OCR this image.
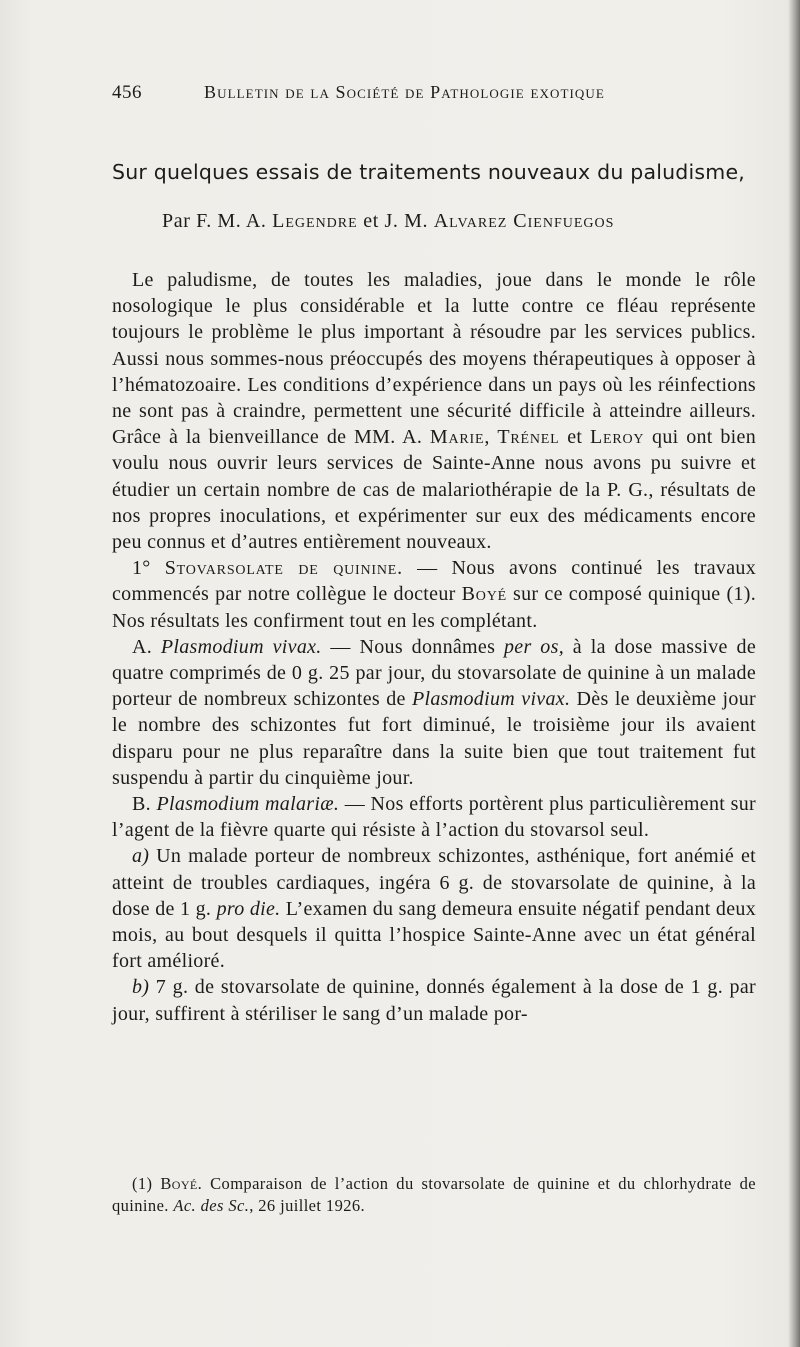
456	Bulletin de la Société de Pathologie exotique
Sur quelques essais de traitements nouveaux du paludisme,
Par F. M. A. Legendre et J. M. Alvarez Cienfuegos

Le paludisme, de toutes les maladies, joue dans le monde le rôle nosologique le plus considérable et la lutte contre ce fléau représente toujours le problème le plus important à résoudre par les services publics. Aussi nous sommes-nous préoccupés des moyens thérapeutiques à opposer à l’hématozoaire. Les conditions d’expérience dans un pays où les réinfections ne sont pas à craindre, permettent une sécurité difficile à atteindre ailleurs. Grâce à la bienveillance de MM. A. Marie, Trénel et Leroy qui ont bien voulu nous ouvrir leurs services de Sainte-Anne nous avons pu suivre et étudier un certain nombre de cas de malariothérapie de la P. G., résultats de nos propres inoculations, et expérimenter sur eux des médicaments encore peu connus et d’autres entièrement nouveaux.

1° Stovarsolate de quinine. — Nous avons continué les travaux commencés par notre collègue le docteur Boyé sur ce composé quinique (1). Nos résultats les confirment tout en les complétant.

A. Plasmodium vivax. — Nous donnâmes per os, à la dose massive de quatre comprimés de 0 g. 25 par jour, du stovarsolate de quinine à un malade porteur de nombreux schizontes de Plasmodium vivax. Dès le deuxième jour le nombre des schizontes fut fort diminué, le troisième jour ils avaient disparu pour ne plus reparaître dans la suite bien que tout traitement fut suspendu à partir du cinquième jour.

B. Plasmodium malariæ. — Nos efforts portèrent plus particulièrement sur l’agent de la fièvre quarte qui résiste à l’action du stovarsol seul.

a) Un malade porteur de nombreux schizontes, asthénique, fort anémié et atteint de troubles cardiaques, ingéra 6 g. de stovarsolate de quinine, à la dose de 1 g. pro die. L’examen du sang demeura ensuite négatif pendant deux mois, au bout desquels il quitta l’hospice Sainte-Anne avec un état général fort amélioré.

b) 7 g. de stovarsolate de quinine, donnés également à la dose de 1 g. par jour, suffirent à stériliser le sang d’un malade por-

(1) Boyé. Comparaison de l’action du stovarsolate de quinine et du chlorhydrate de quinine. Ac. des Sc., 26 juillet 1926.
